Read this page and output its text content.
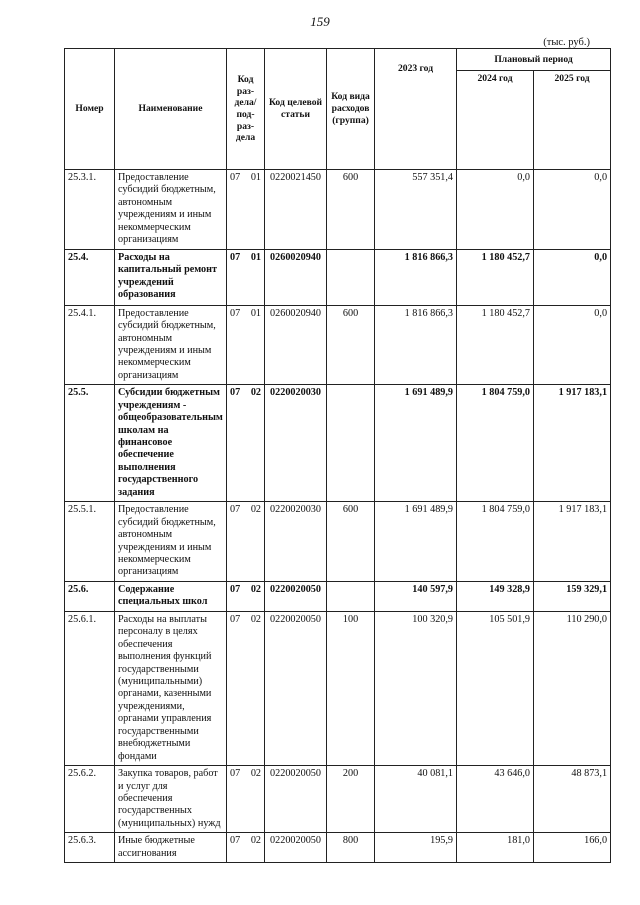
159
(тыс. руб.)
Номер	Наименование	Код раз-дела/ под-раз-дела		Код целевой статьи	Код вида расходов (группа)	2023 год	Плановый период	
							2024 год	2025 год
25.3.1.	Предоставление субсидий бюджетным, автономным учреждениям и иным некоммерческим организациям	07	01	0220021450	600	557 351,4	0,0	0,0
25.4.	Расходы на капитальный ремонт учреждений образования	07	01	0260020940		1 816 866,3	1 180 452,7	0,0
25.4.1.	Предоставление субсидий бюджетным, автономным учреждениям и иным некоммерческим организациям	07	01	0260020940	600	1 816 866,3	1 180 452,7	0,0
25.5.	Субсидии бюджетным учреждениям - общеобразовательным школам на финансовое обеспечение выполнения государственного задания	07	02	0220020030		1 691 489,9	1 804 759,0	1 917 183,1
25.5.1.	Предоставление субсидий бюджетным, автономным учреждениям и иным некоммерческим организациям	07	02	0220020030	600	1 691 489,9	1 804 759,0	1 917 183,1
25.6.	Содержание специальных школ	07	02	0220020050		140 597,9	149 328,9	159 329,1
25.6.1.	Расходы на выплаты персоналу в целях обеспечения выполнения функций государственными (муниципальными) органами, казенными учреждениями, органами управления государственными внебюджетными фондами	07	02	0220020050	100	100 320,9	105 501,9	110 290,0
25.6.2.	Закупка товаров, работ и услуг для обеспечения государственных (муниципальных) нужд	07	02	0220020050	200	40 081,1	43 646,0	48 873,1
25.6.3.	Иные бюджетные ассигнования	07	02	0220020050	800	195,9	181,0	166,0
